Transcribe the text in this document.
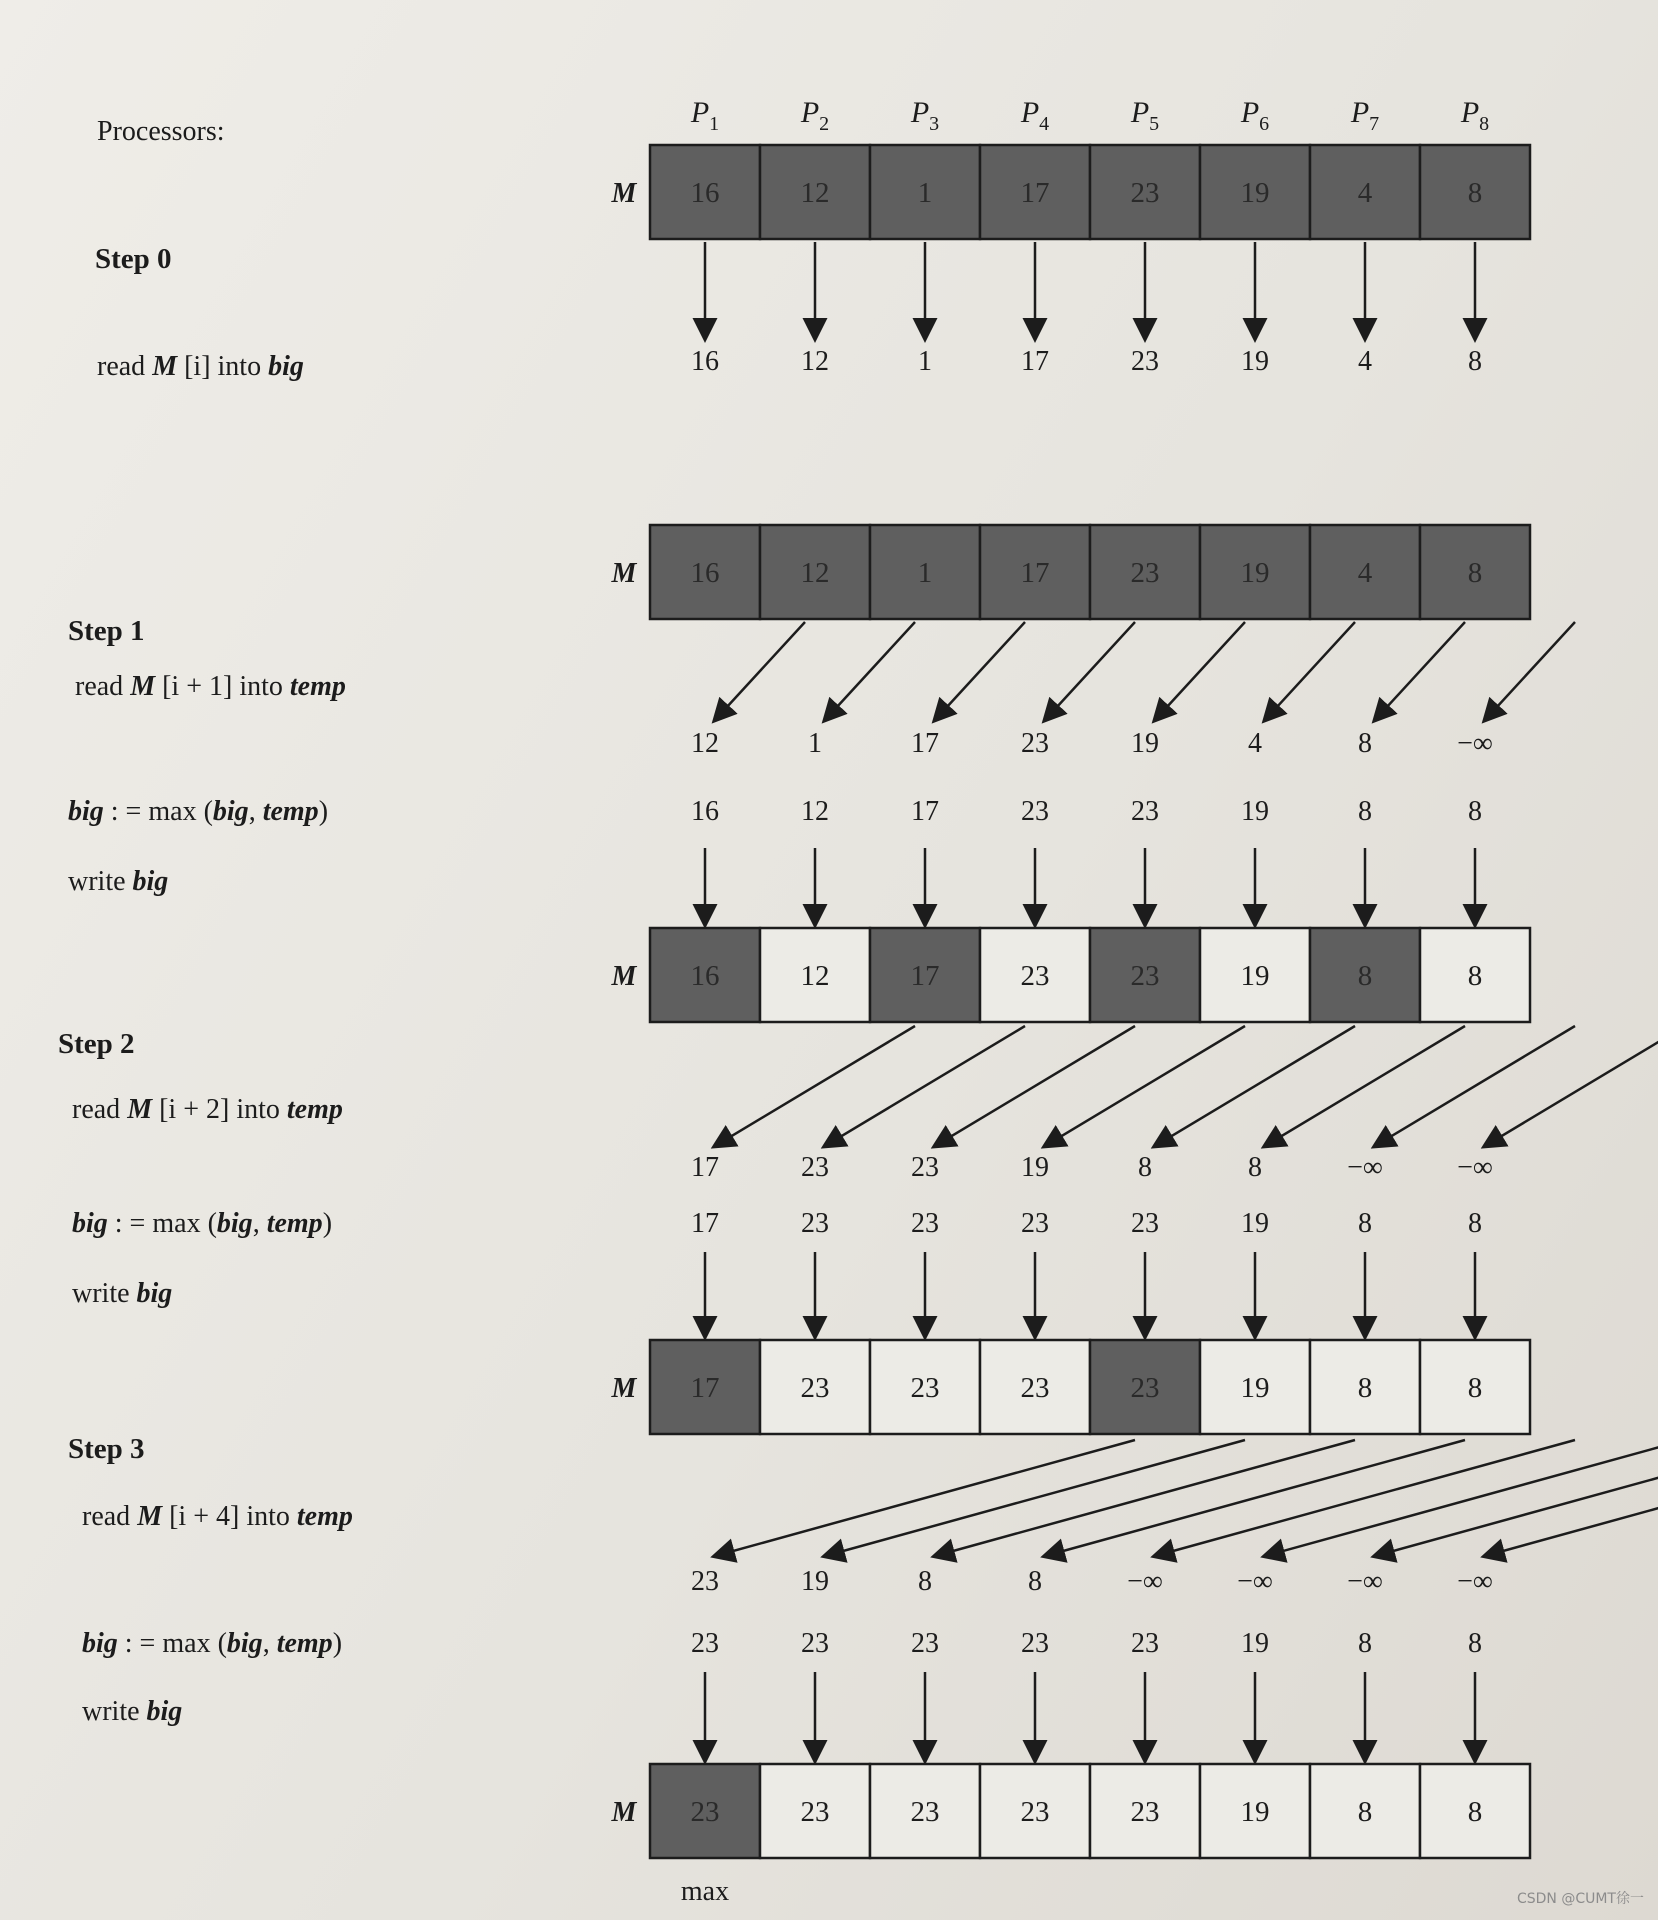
Processors:
$P_1$	$P_2$	$P_3$	$P_4$	$P_5$	$P_6$	$P_7$	$P_8$
M 16	12	1	17	23	19	4	8
Step 0
read M [i] into big	16	12	1	17	23	19	4	8
M 16	12	1	17	23	19	4	8
Step 1
read M [i + 1] into temp
12	1	17	23	19	4	8	−∞
big : = max (big, temp)	16	12	17	23	23	19	8	8
write big
M 16	12	17	23	23	19	8	8
Step 2
read M [i + 2] into temp
17	23	23	19	8	8	−∞	−∞
big : = max (big, temp)	17	23	23	23	23	19	8	8
write big
M 17	23	23	23	23	19	8	8
Step 3
read M [i + 4] into temp
23	19	8	8	−∞	−∞	−∞	−∞
big : = max (big, temp)	23	23	23	23	23	19	8	8
write big
M 23	23	23	23	23	19	8	8
max	CSDN @CUMT徐一
